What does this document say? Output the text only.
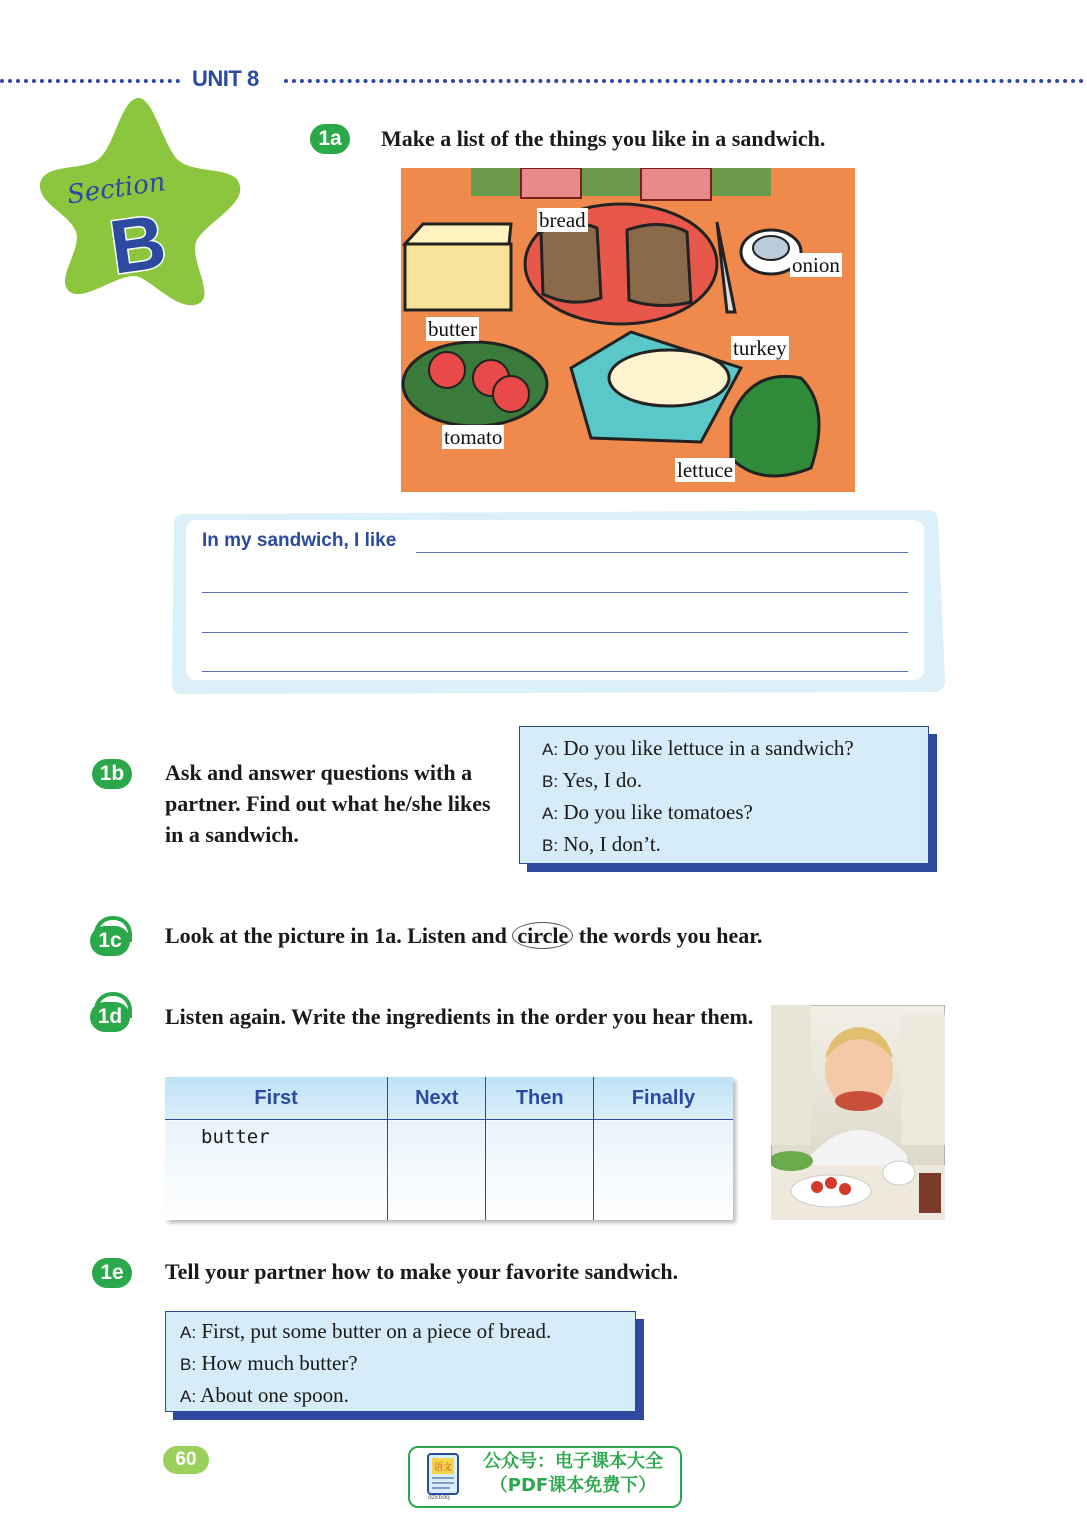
UNIT 8
Section
B
1a	Make a list of the things you like in a sandwich.
bread
onion
butter
turkey
tomato
lettuce
In my sandwich, I like
1b	Ask and answer questions with a partner. Find out what he/she likes in a sandwich.
A: Do you like lettuce in a sandwich?
B: Yes, I do.
A: Do you like tomatoes?
B: No, I don’t.
1c	Look at the picture in 1a. Listen and circle the words you hear.
1d	Listen again. Write the ingredients in the order you hear them.
First	Next	Then	Finally
butter			
1e	Tell your partner how to make your favorite sandwich.
A: First, put some butter on a piece of bread.
B: How much butter?
A: About one spoon.
60	语文
dzkbdq
公众号：电子课本大全
（PDF课本免费下）
